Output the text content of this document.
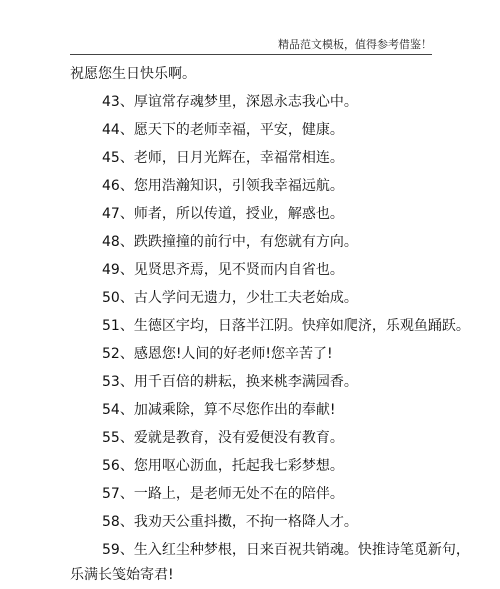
精品范文模板，值得参考借鉴！
祝愿您生日快乐啊。
43、厚谊常存魂梦里，深恩永志我心中。
44、愿天下的老师幸福，平安，健康。
45、老师，日月光辉在，幸福常相连。
46、您用浩瀚知识，引领我幸福远航。
47、师者，所以传道，授业，解惑也。
48、跌跌撞撞的前行中，有您就有方向。
49、见贤思齐焉，见不贤而内自省也。
50、古人学问无遗力，少壮工夫老始成。
51、生德区宇均，日落半江阴。快痒如爬济，乐观鱼踊跃。
52、感恩您!人间的好老师!您辛苦了!
53、用千百倍的耕耘，换来桃李满园香。
54、加减乘除，算不尽您作出的奉献!
55、爱就是教育，没有爱便没有教育。
56、您用呕心沥血，托起我七彩梦想。
57、一路上，是老师无处不在的陪伴。
58、我劝天公重抖擞，不拘一格降人才。
59、生入红尘种梦根，日来百祝共销魂。快推诗笔觅新句，
乐满长笺始寄君!
